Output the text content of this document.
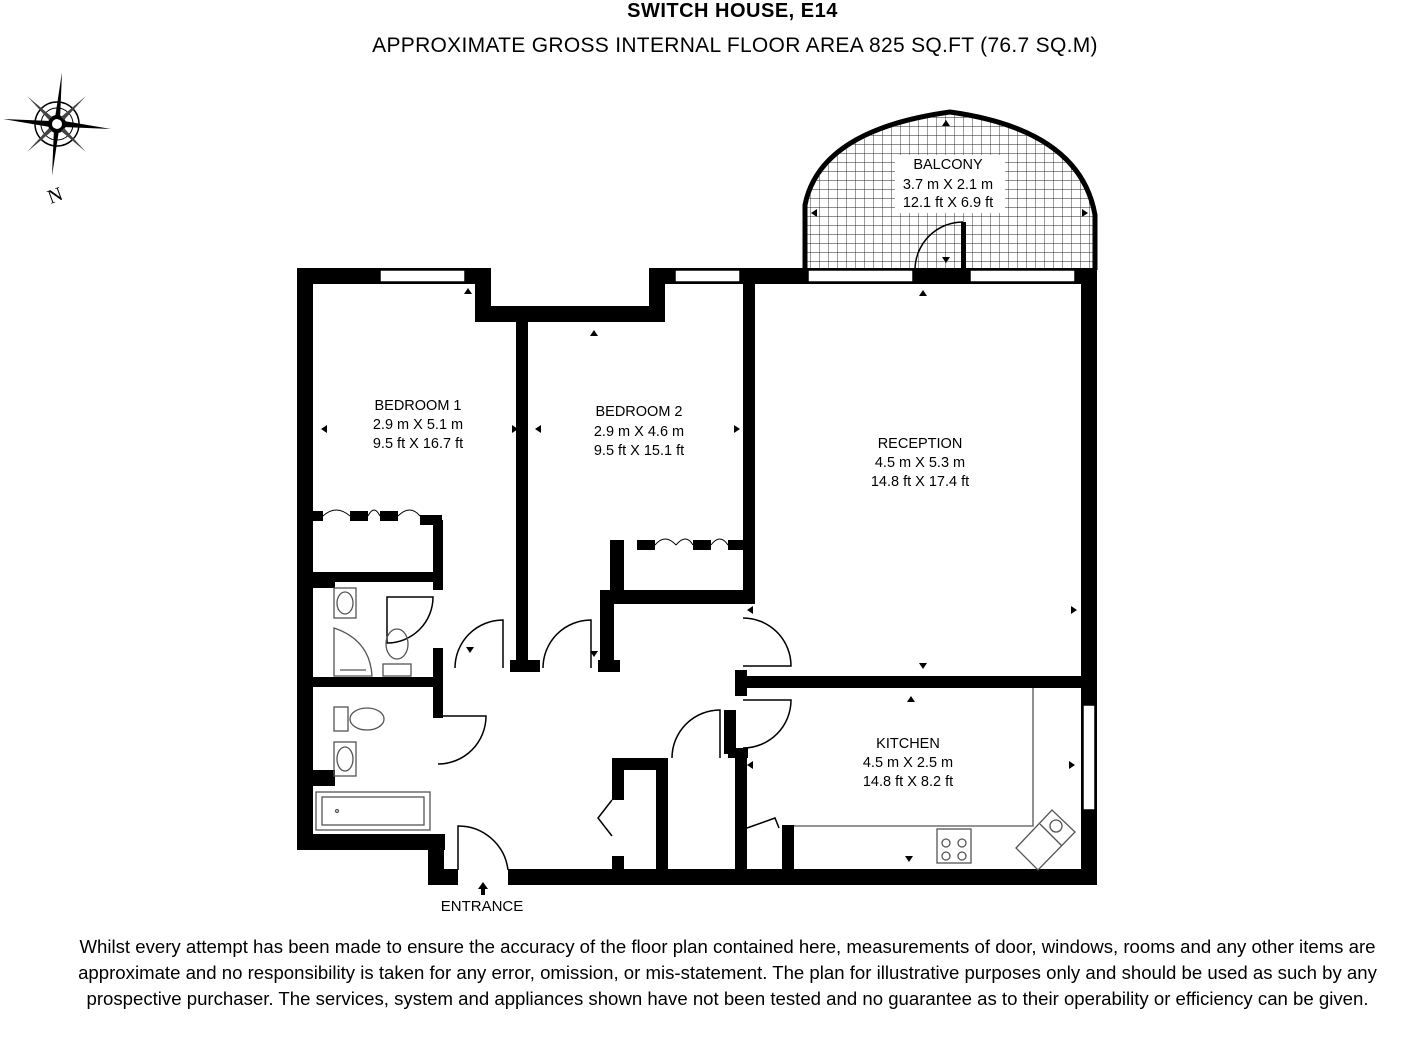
SWITCH HOUSE, E14
APPROXIMATE GROSS INTERNAL FLOOR AREA 825 SQ.FT (76.7 SQ.M)
N
BALCONY
3.7 m X 2.1 m
12.1 ft X 6.9 ft
BEDROOM 1
2.9 m X 5.1 m
9.5 ft X 16.7 ft
BEDROOM 2
2.9 m X 4.6 m
9.5 ft X 15.1 ft	RECEPTION
4.5 m X 5.3 m
14.8 ft X 17.4 ft
KITCHEN
4.5 m X 2.5 m
14.8 ft X 8.2 ft
ENTRANCE
Whilst every attempt has been made to ensure the accuracy of the floor plan contained here, measurements of door, windows, rooms and any other items are approximate and no responsibility is taken for any error, omission, or mis-statement. The plan for illustrative purposes only and should be used as such by any prospective purchaser. The services, system and appliances shown have not been tested and no guarantee as to their operability or efficiency can be given.
